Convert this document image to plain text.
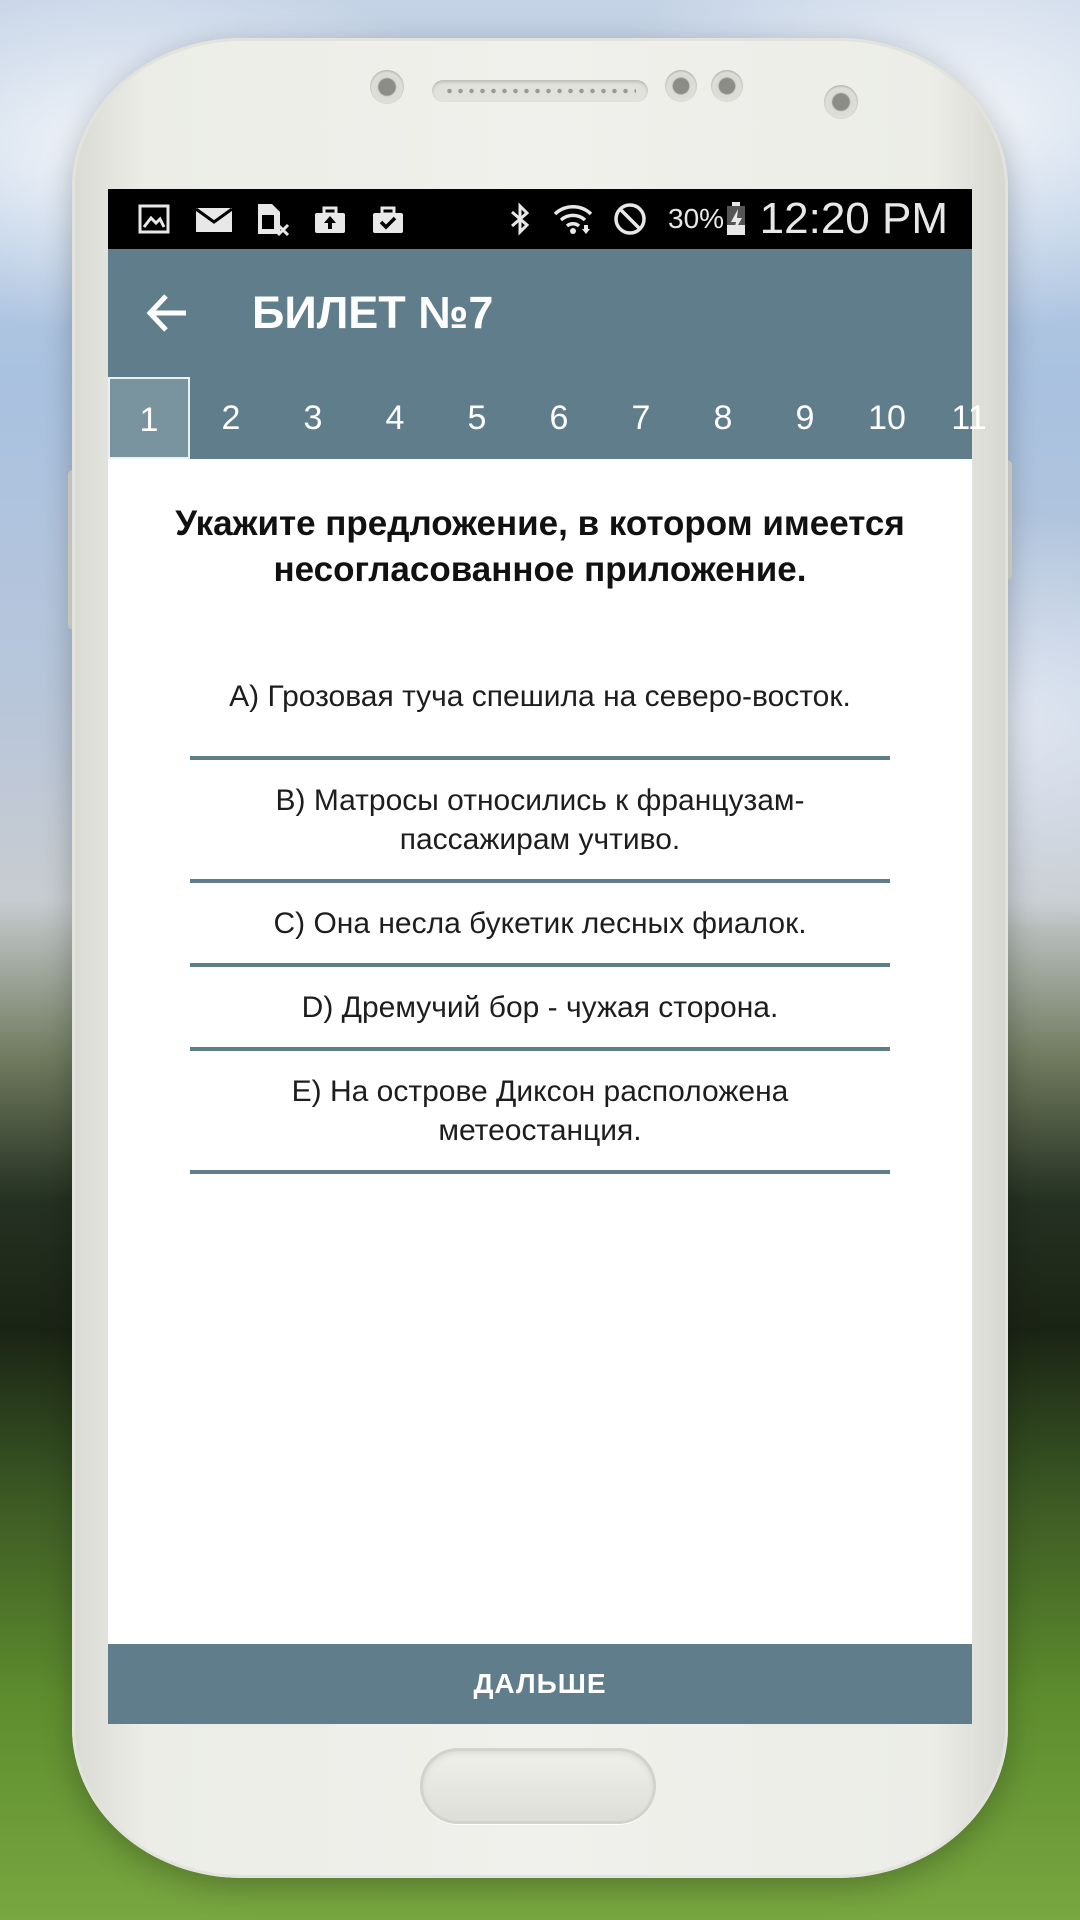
30% 12:20 PM
БИЛЕТ №7
1	2	3	4	5	6	7	8	9	10	11
Укажите предложение, в котором имеется несогласованное приложение.
A) Грозовая туча спешила на северо-восток.
B) Матросы относились к французам-пассажирам учтиво.
C) Она несла букетик лесных фиалок.
D) Дремучий бор - чужая сторона.
E) На острове Диксон расположена метеостанция.
ДАЛЬШЕ
